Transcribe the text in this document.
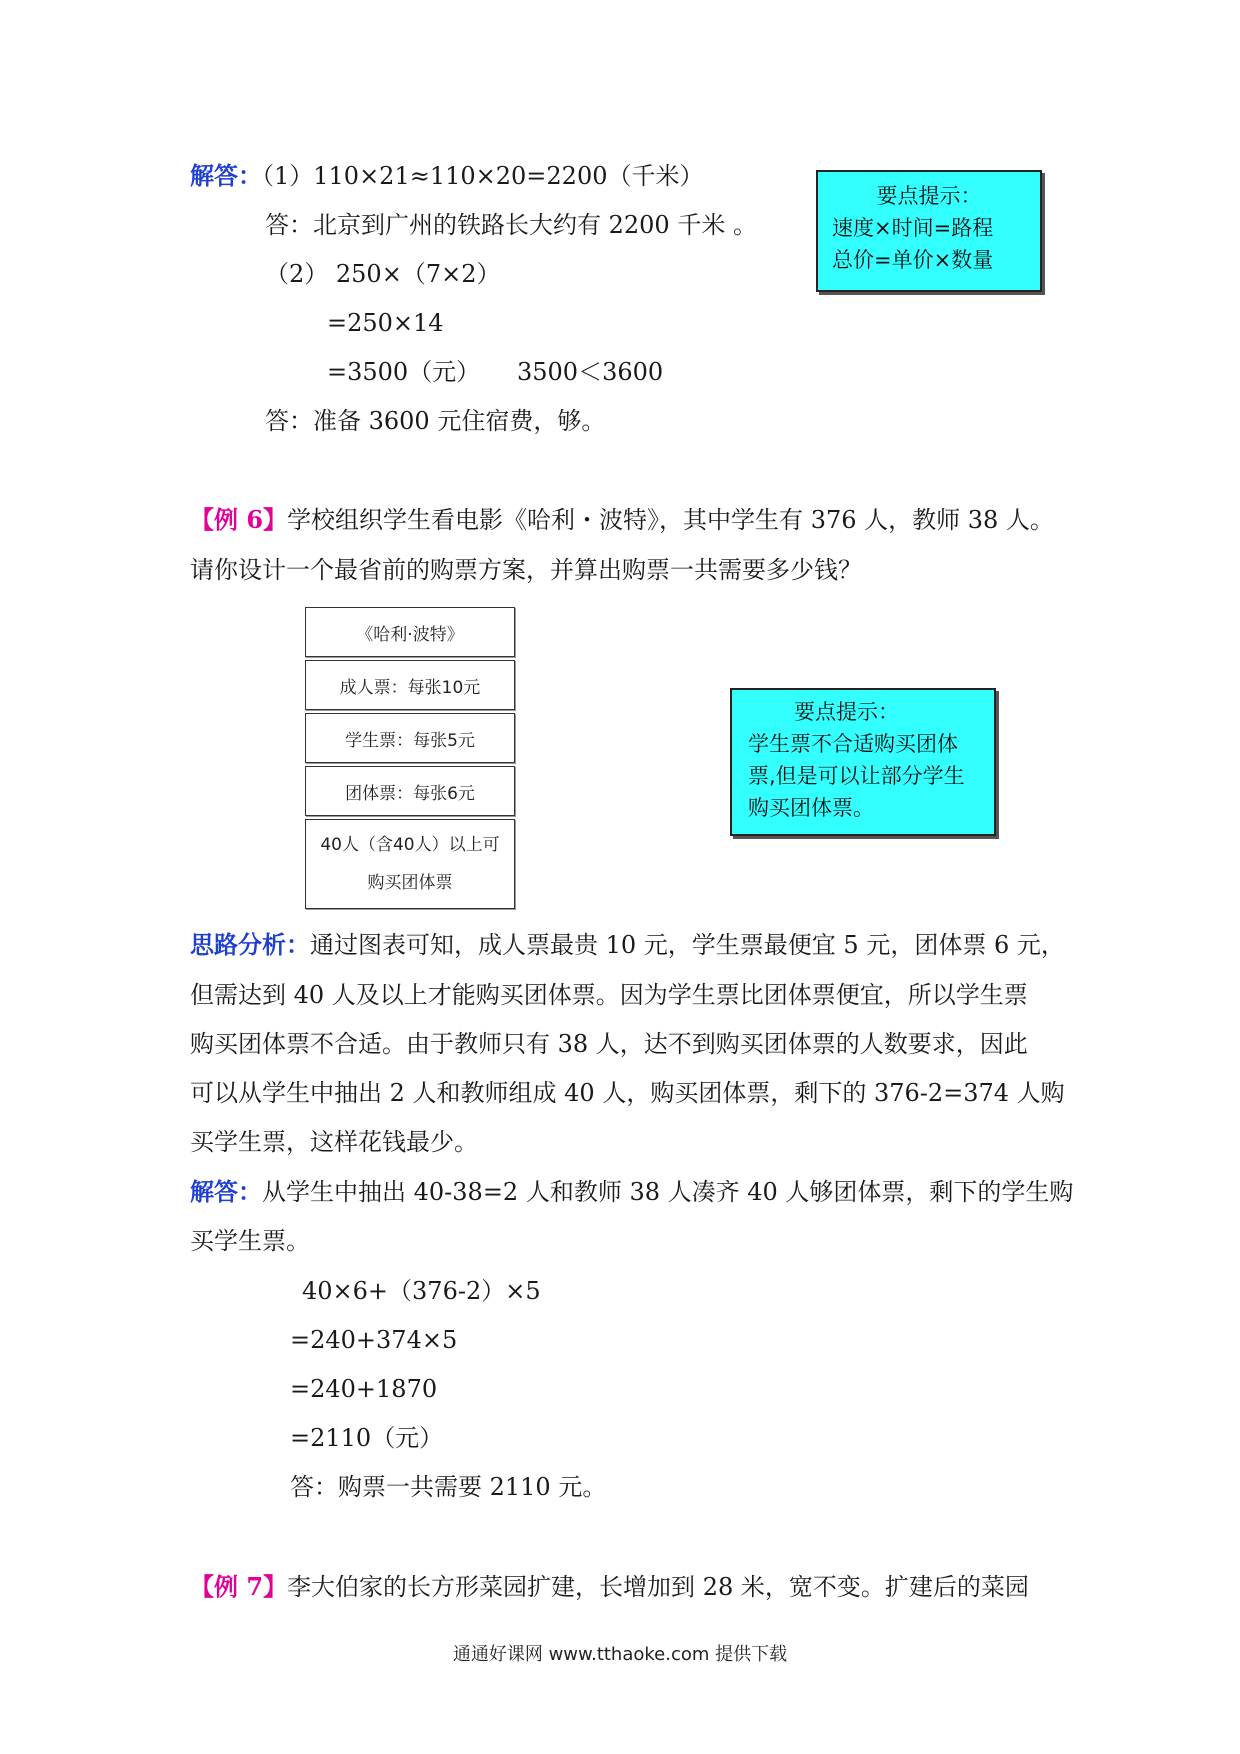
解答：（1）110×21≈110×20=2200（千米）
答：北京到广州的铁路长大约有 2200 千米 。
（2） 250×（7×2）
=250×14
=3500（元） 3500＜3600
答：准备 3600 元住宿费，够。
要点提示：
速度×时间=路程
总价=单价×数量
【例 6】学校组织学生看电影《哈利・波特》，其中学生有 376 人，教师 38 人。
请你设计一个最省前的购票方案，并算出购票一共需要多少钱？
《哈利·波特》
成人票：每张10元
学生票：每张5元
团体票：每张6元
40人（含40人）以上可
购买团体票
要点提示：
学生票不合适购买团体
票,但是可以让部分学生
购买团体票。
思路分析：通过图表可知，成人票最贵 10 元，学生票最便宜 5 元，团体票 6 元，
但需达到 40 人及以上才能购买团体票。因为学生票比团体票便宜，所以学生票
购买团体票不合适。由于教师只有 38 人，达不到购买团体票的人数要求，因此
可以从学生中抽出 2 人和教师组成 40 人，购买团体票，剩下的 376-2=374 人购
买学生票，这样花钱最少。
解答：从学生中抽出 40-38=2 人和教师 38 人凑齐 40 人够团体票，剩下的学生购
买学生票。
40×6+（376-2）×5
=240+374×5
=240+1870
=2110（元）
答：购票一共需要 2110 元。
【例 7】李大伯家的长方形菜园扩建，长增加到 28 米，宽不变。扩建后的菜园
通通好课网 www.tthaoke.com 提供下载
